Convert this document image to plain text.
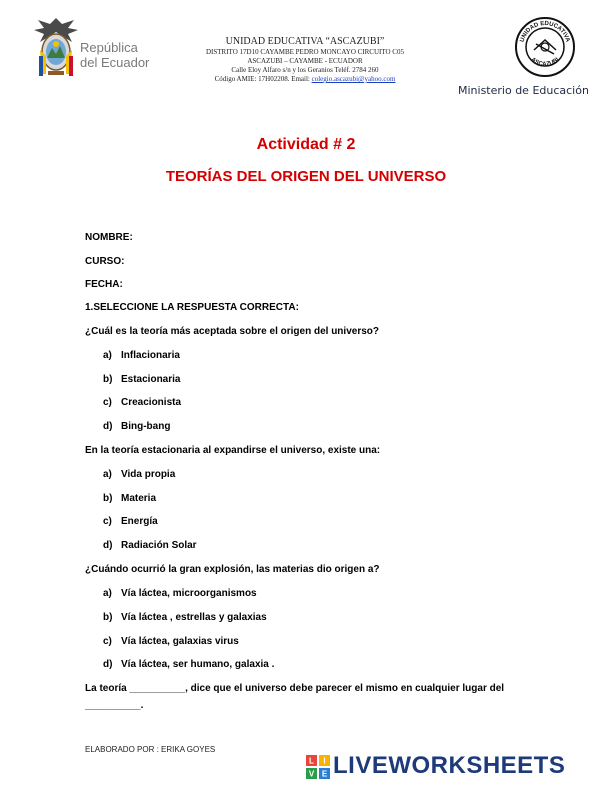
República
del Ecuador
UNIDAD EDUCATIVA “ASCAZUBI”
DISTRITO 17D10 CAYAMBE PEDRO MONCAYO CIRCUITO C05
ASCAZUBI – CAYAMBE - ECUADOR
Calle Eloy Alfaro s/n y los Geranios Teléf. 2784 260
Código AMIE: 17H02208. Email: colegio.ascazubi@yahoo.com
UNIDAD EDUCATIVA
ASCAZUBI
Ministerio de Educación
Actividad # 2
TEORÍAS DEL ORIGEN DEL UNIVERSO
NOMBRE:
CURSO:
FECHA:
1.SELECCIONE LA RESPUESTA CORRECTA:
¿Cuál es la teoría más aceptada sobre el origen del universo?
a) Inflacionaria
b) Estacionaria
c) Creacionista
d) Bing-bang
En la teoría estacionaria al expandirse el universo, existe una:
a) Vida propia
b) Materia
c) Energía
d) Radiación Solar
¿Cuándo ocurrió la gran explosión, las materias dio origen a?
a) Vía láctea, microorganismos
b) Vía láctea , estrellas y galaxias
c) Vía láctea, galaxias virus
d) Vía láctea, ser humano, galaxia .
La teoría __________, dice que el universo debe parecer el mismo en cualquier lugar del
__________.
ELABORADO POR : ERIKA GOYES
L I
V E LIVEWORKSHEETS
